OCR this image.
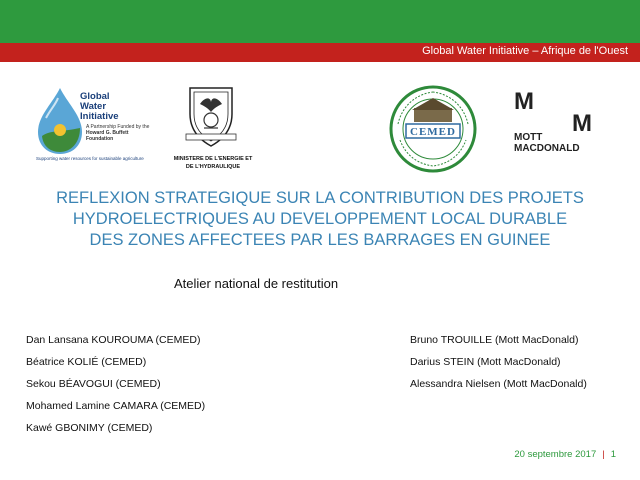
Global Water Initiative – Afrique de l'Ouest
Global
Water
Initiative
A Partnership Funded by the
Howard G. Buffett
Foundation
Supporting water resources for sustainable agriculture	MINISTERE DE L'ENERGIE ET
DE L'HYDRAULIQUE
CEMED
M
M
MOTT
MACDONALD
REFLEXION STRATEGIQUE SUR LA CONTRIBUTION DES PROJETS
HYDROELECTRIQUES AU DEVELOPPEMENT LOCAL DURABLE
DES ZONES AFFECTEES PAR LES BARRAGES EN GUINEE
Atelier national de restitution
Dan Lansana KOUROUMA (CEMED)
Béatrice KOLIÉ (CEMED)
Sekou BÉAVOGUI (CEMED)
Mohamed Lamine CAMARA (CEMED)
Kawé GBONIMY (CEMED)
Bruno TROUILLE (Mott MacDonald)
Darius STEIN (Mott MacDonald)
Alessandra Nielsen (Mott MacDonald)
20 septembre 2017 | 1
